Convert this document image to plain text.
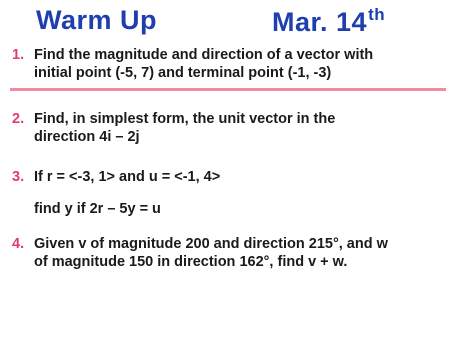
Warm Up	Mar. 14th
1. Find the magnitude and direction of a vector with
initial point (-5, 7) and terminal point (-1, -3)
2. Find, in simplest form, the unit vector in the
direction 4i – 2j
3. If r = <-3, 1> and u = <-1, 4>
find y if 2r – 5y = u
4. Given v of magnitude 200 and direction 215°, and w
of magnitude 150 in direction 162°, find v + w.
